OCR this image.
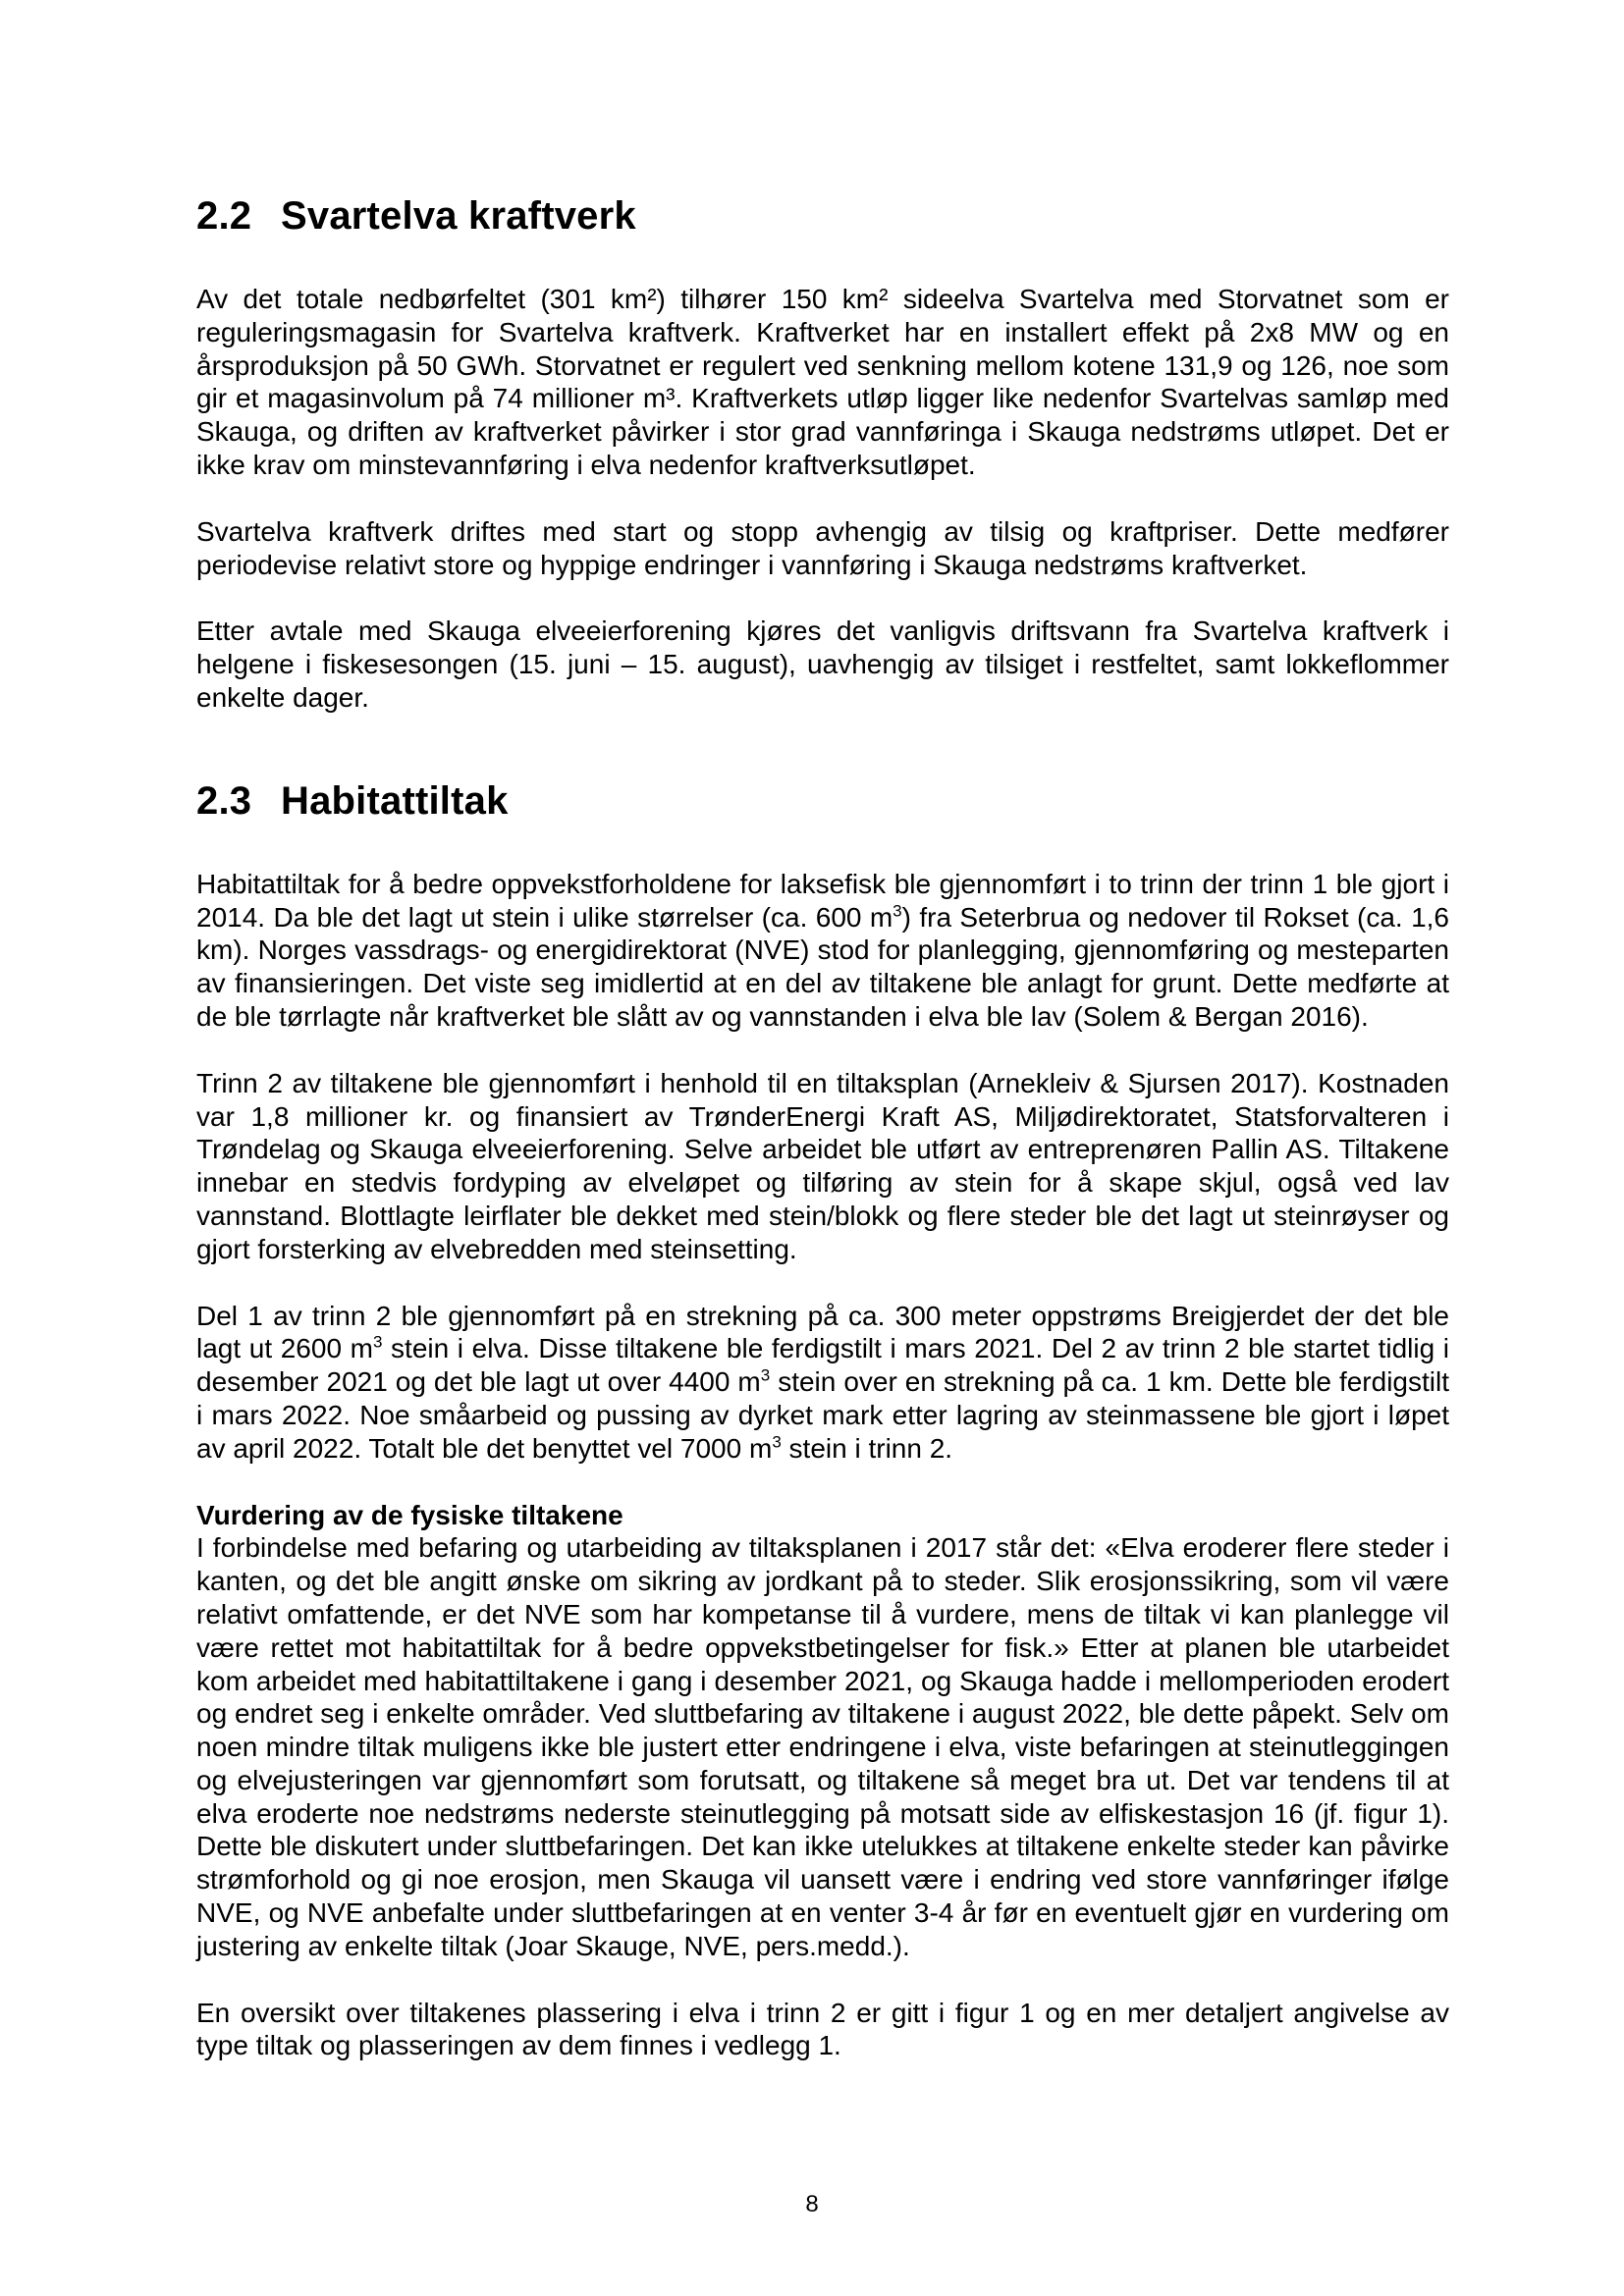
2.2 Svartelva kraftverk

Av det totale nedbørfeltet (301 km²) tilhører 150 km² sideelva Svartelva med Storvatnet som er reguleringsmagasin for Svartelva kraftverk. Kraftverket har en installert effekt på 2x8 MW og en årsproduksjon på 50 GWh. Storvatnet er regulert ved senkning mellom kotene 131,9 og 126, noe som gir et magasinvolum på 74 millioner m³. Kraftverkets utløp ligger like nedenfor Svartelvas samløp med Skauga, og driften av kraftverket påvirker i stor grad vannføringa i Skauga nedstrøms utløpet. Det er ikke krav om minstevannføring i elva nedenfor kraftverksutløpet.

Svartelva kraftverk driftes med start og stopp avhengig av tilsig og kraftpriser. Dette medfører periodevise relativt store og hyppige endringer i vannføring i Skauga nedstrøms kraftverket.

Etter avtale med Skauga elveeierforening kjøres det vanligvis driftsvann fra Svartelva kraftverk i helgene i fiskesesongen (15. juni – 15. august), uavhengig av tilsiget i restfeltet, samt lokkeflommer enkelte dager.

2.3 Habitattiltak

Habitattiltak for å bedre oppvekstforholdene for laksefisk ble gjennomført i to trinn der trinn 1 ble gjort i 2014. Da ble det lagt ut stein i ulike størrelser (ca. 600 $m^3$) fra Seterbrua og nedover til Rokset (ca. 1,6 km). Norges vassdrags- og energidirektorat (NVE) stod for planlegging, gjennomføring og mesteparten av finansieringen. Det viste seg imidlertid at en del av tiltakene ble anlagt for grunt. Dette medførte at de ble tørrlagte når kraftverket ble slått av og vannstanden i elva ble lav (Solem & Bergan 2016).

Trinn 2 av tiltakene ble gjennomført i henhold til en tiltaksplan (Arnekleiv & Sjursen 2017). Kostnaden var 1,8 millioner kr. og finansiert av TrønderEnergi Kraft AS, Miljødirektoratet, Statsforvalteren i Trøndelag og Skauga elveeierforening. Selve arbeidet ble utført av entreprenøren Pallin AS. Tiltakene innebar en stedvis fordyping av elveløpet og tilføring av stein for å skape skjul, også ved lav vannstand. Blottlagte leirflater ble dekket med stein/blokk og flere steder ble det lagt ut steinrøyser og gjort forsterking av elvebredden med steinsetting.

Del 1 av trinn 2 ble gjennomført på en strekning på ca. 300 meter oppstrøms Breigjerdet der det ble lagt ut 2600 $m^3$ stein i elva. Disse tiltakene ble ferdigstilt i mars 2021. Del 2 av trinn 2 ble startet tidlig i desember 2021 og det ble lagt ut over 4400 $m^3$ stein over en strekning på ca. 1 km. Dette ble ferdigstilt i mars 2022. Noe småarbeid og pussing av dyrket mark etter lagring av steinmassene ble gjort i løpet av april 2022. Totalt ble det benyttet vel 7000 $m^3$ stein i trinn 2.

Vurdering av de fysiske tiltakene

I forbindelse med befaring og utarbeiding av tiltaksplanen i 2017 står det: «Elva eroderer flere steder i kanten, og det ble angitt ønske om sikring av jordkant på to steder. Slik erosjonssikring, som vil være relativt omfattende, er det NVE som har kompetanse til å vurdere, mens de tiltak vi kan planlegge vil være rettet mot habitattiltak for å bedre oppvekstbetingelser for fisk.» Etter at planen ble utarbeidet kom arbeidet med habitattiltakene i gang i desember 2021, og Skauga hadde i mellomperioden erodert og endret seg i enkelte områder. Ved sluttbefaring av tiltakene i august 2022, ble dette påpekt. Selv om noen mindre tiltak muligens ikke ble justert etter endringene i elva, viste befaringen at steinutleggingen og elvejusteringen var gjennomført som forutsatt, og tiltakene så meget bra ut. Det var tendens til at elva eroderte noe nedstrøms nederste steinutlegging på motsatt side av elfiskestasjon 16 (jf. figur 1). Dette ble diskutert under sluttbefaringen. Det kan ikke utelukkes at tiltakene enkelte steder kan påvirke strømforhold og gi noe erosjon, men Skauga vil uansett være i endring ved store vannføringer ifølge NVE, og NVE anbefalte under sluttbefaringen at en venter 3-4 år før en eventuelt gjør en vurdering om justering av enkelte tiltak (Joar Skauge, NVE, pers.medd.).

En oversikt over tiltakenes plassering i elva i trinn 2 er gitt i figur 1 og en mer detaljert angivelse av type tiltak og plasseringen av dem finnes i vedlegg 1.

8
